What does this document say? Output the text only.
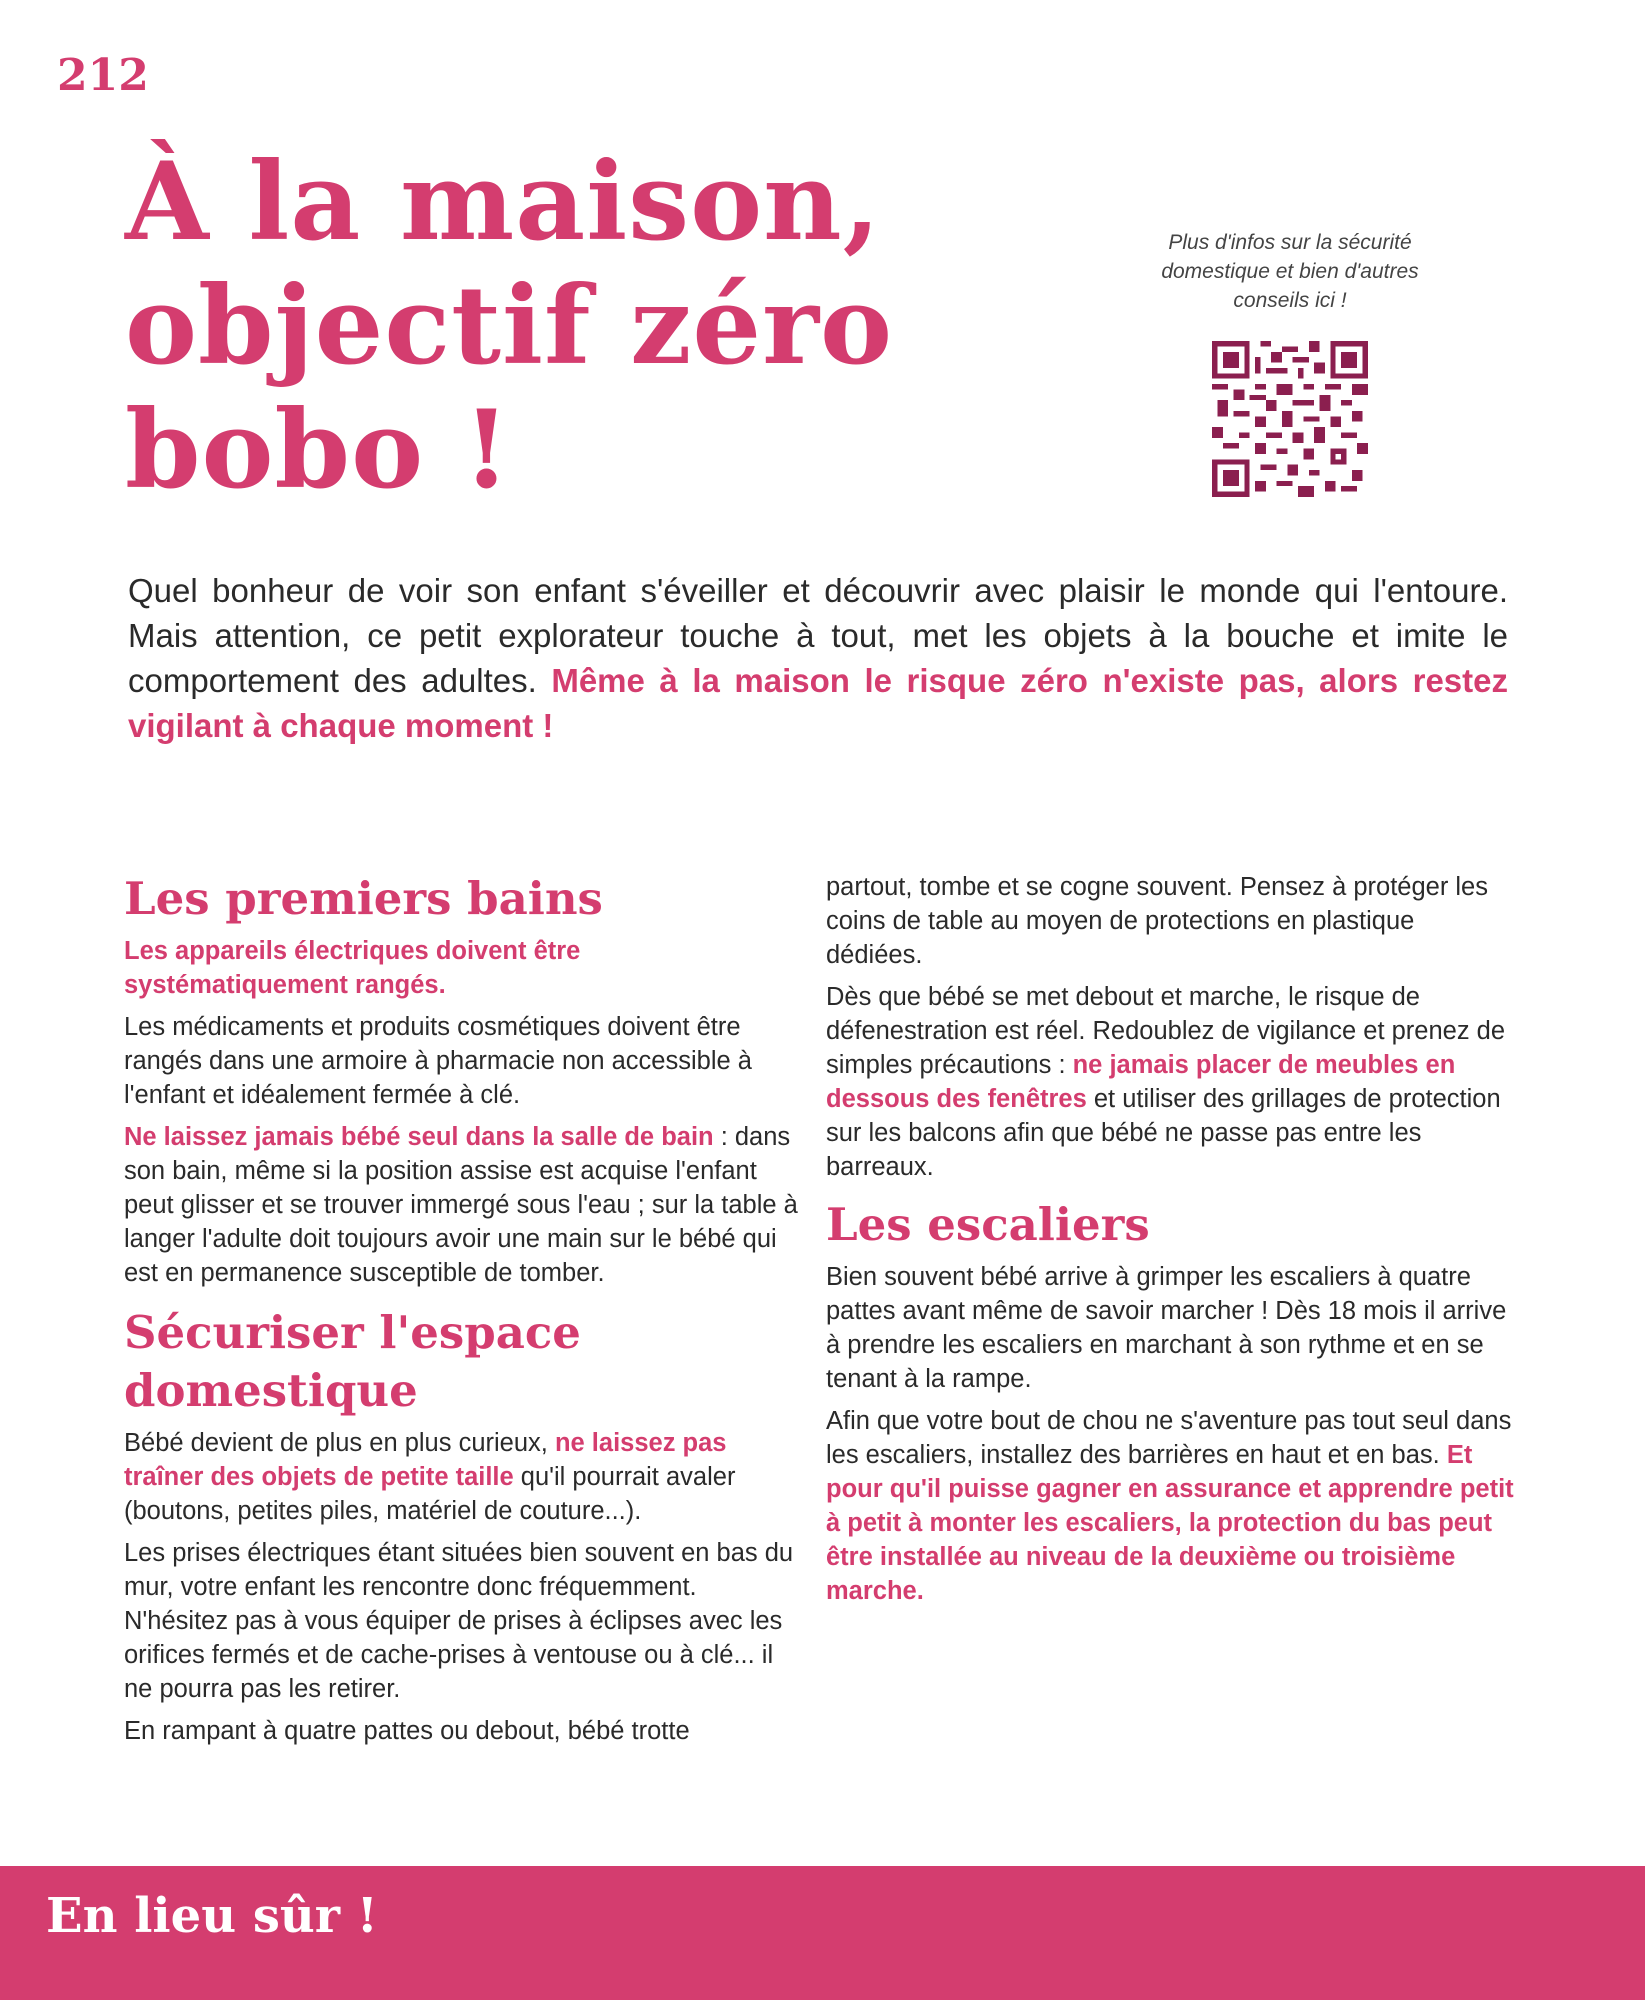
212
À la maison,
objectif zéro
bobo !
Plus d'infos sur la sécurité
domestique et bien d'autres
conseils ici !

Quel bonheur de voir son enfant s'éveiller et découvrir avec plaisir le monde qui l'entoure. Mais attention, ce petit explorateur touche à tout, met les objets à la bouche et imite le comportement des adultes. Même à la maison le risque zéro n'existe pas, alors restez vigilant à chaque moment !

Les premiers bains

Les appareils électriques doivent être systématiquement rangés.

Les médicaments et produits cosmétiques doivent être rangés dans une armoire à pharmacie non accessible à l'enfant et idéalement fermée à clé.

Ne laissez jamais bébé seul dans la salle de bain : dans son bain, même si la position assise est acquise l'enfant peut glisser et se trouver immergé sous l'eau ; sur la table à langer l'adulte doit toujours avoir une main sur le bébé qui est en permanence susceptible de tomber.

Sécuriser l'espace domestique

Bébé devient de plus en plus curieux, ne laissez pas traîner des objets de petite taille qu'il pourrait avaler (boutons, petites piles, matériel de couture...).

Les prises électriques étant situées bien souvent en bas du mur, votre enfant les rencontre donc fréquemment. N'hésitez pas à vous équiper de prises à éclipses avec les orifices fermés et de cache-prises à ventouse ou à clé... il ne pourra pas les retirer.

En rampant à quatre pattes ou debout, bébé trotte

partout, tombe et se cogne souvent. Pensez à protéger les coins de table au moyen de protections en plastique dédiées.

Dès que bébé se met debout et marche, le risque de défenestration est réel. Redoublez de vigilance et prenez de simples précautions : ne jamais placer de meubles en dessous des fenêtres et utiliser des grillages de protection sur les balcons afin que bébé ne passe pas entre les barreaux.

Les escaliers

Bien souvent bébé arrive à grimper les escaliers à quatre pattes avant même de savoir marcher ! Dès 18 mois il arrive à prendre les escaliers en marchant à son rythme et en se tenant à la rampe.

Afin que votre bout de chou ne s'aventure pas tout seul dans les escaliers, installez des barrières en haut et en bas. Et pour qu'il puisse gagner en assurance et apprendre petit à petit à monter les escaliers, la protection du bas peut être installée au niveau de la deuxième ou troisième marche.

En lieu sûr !
